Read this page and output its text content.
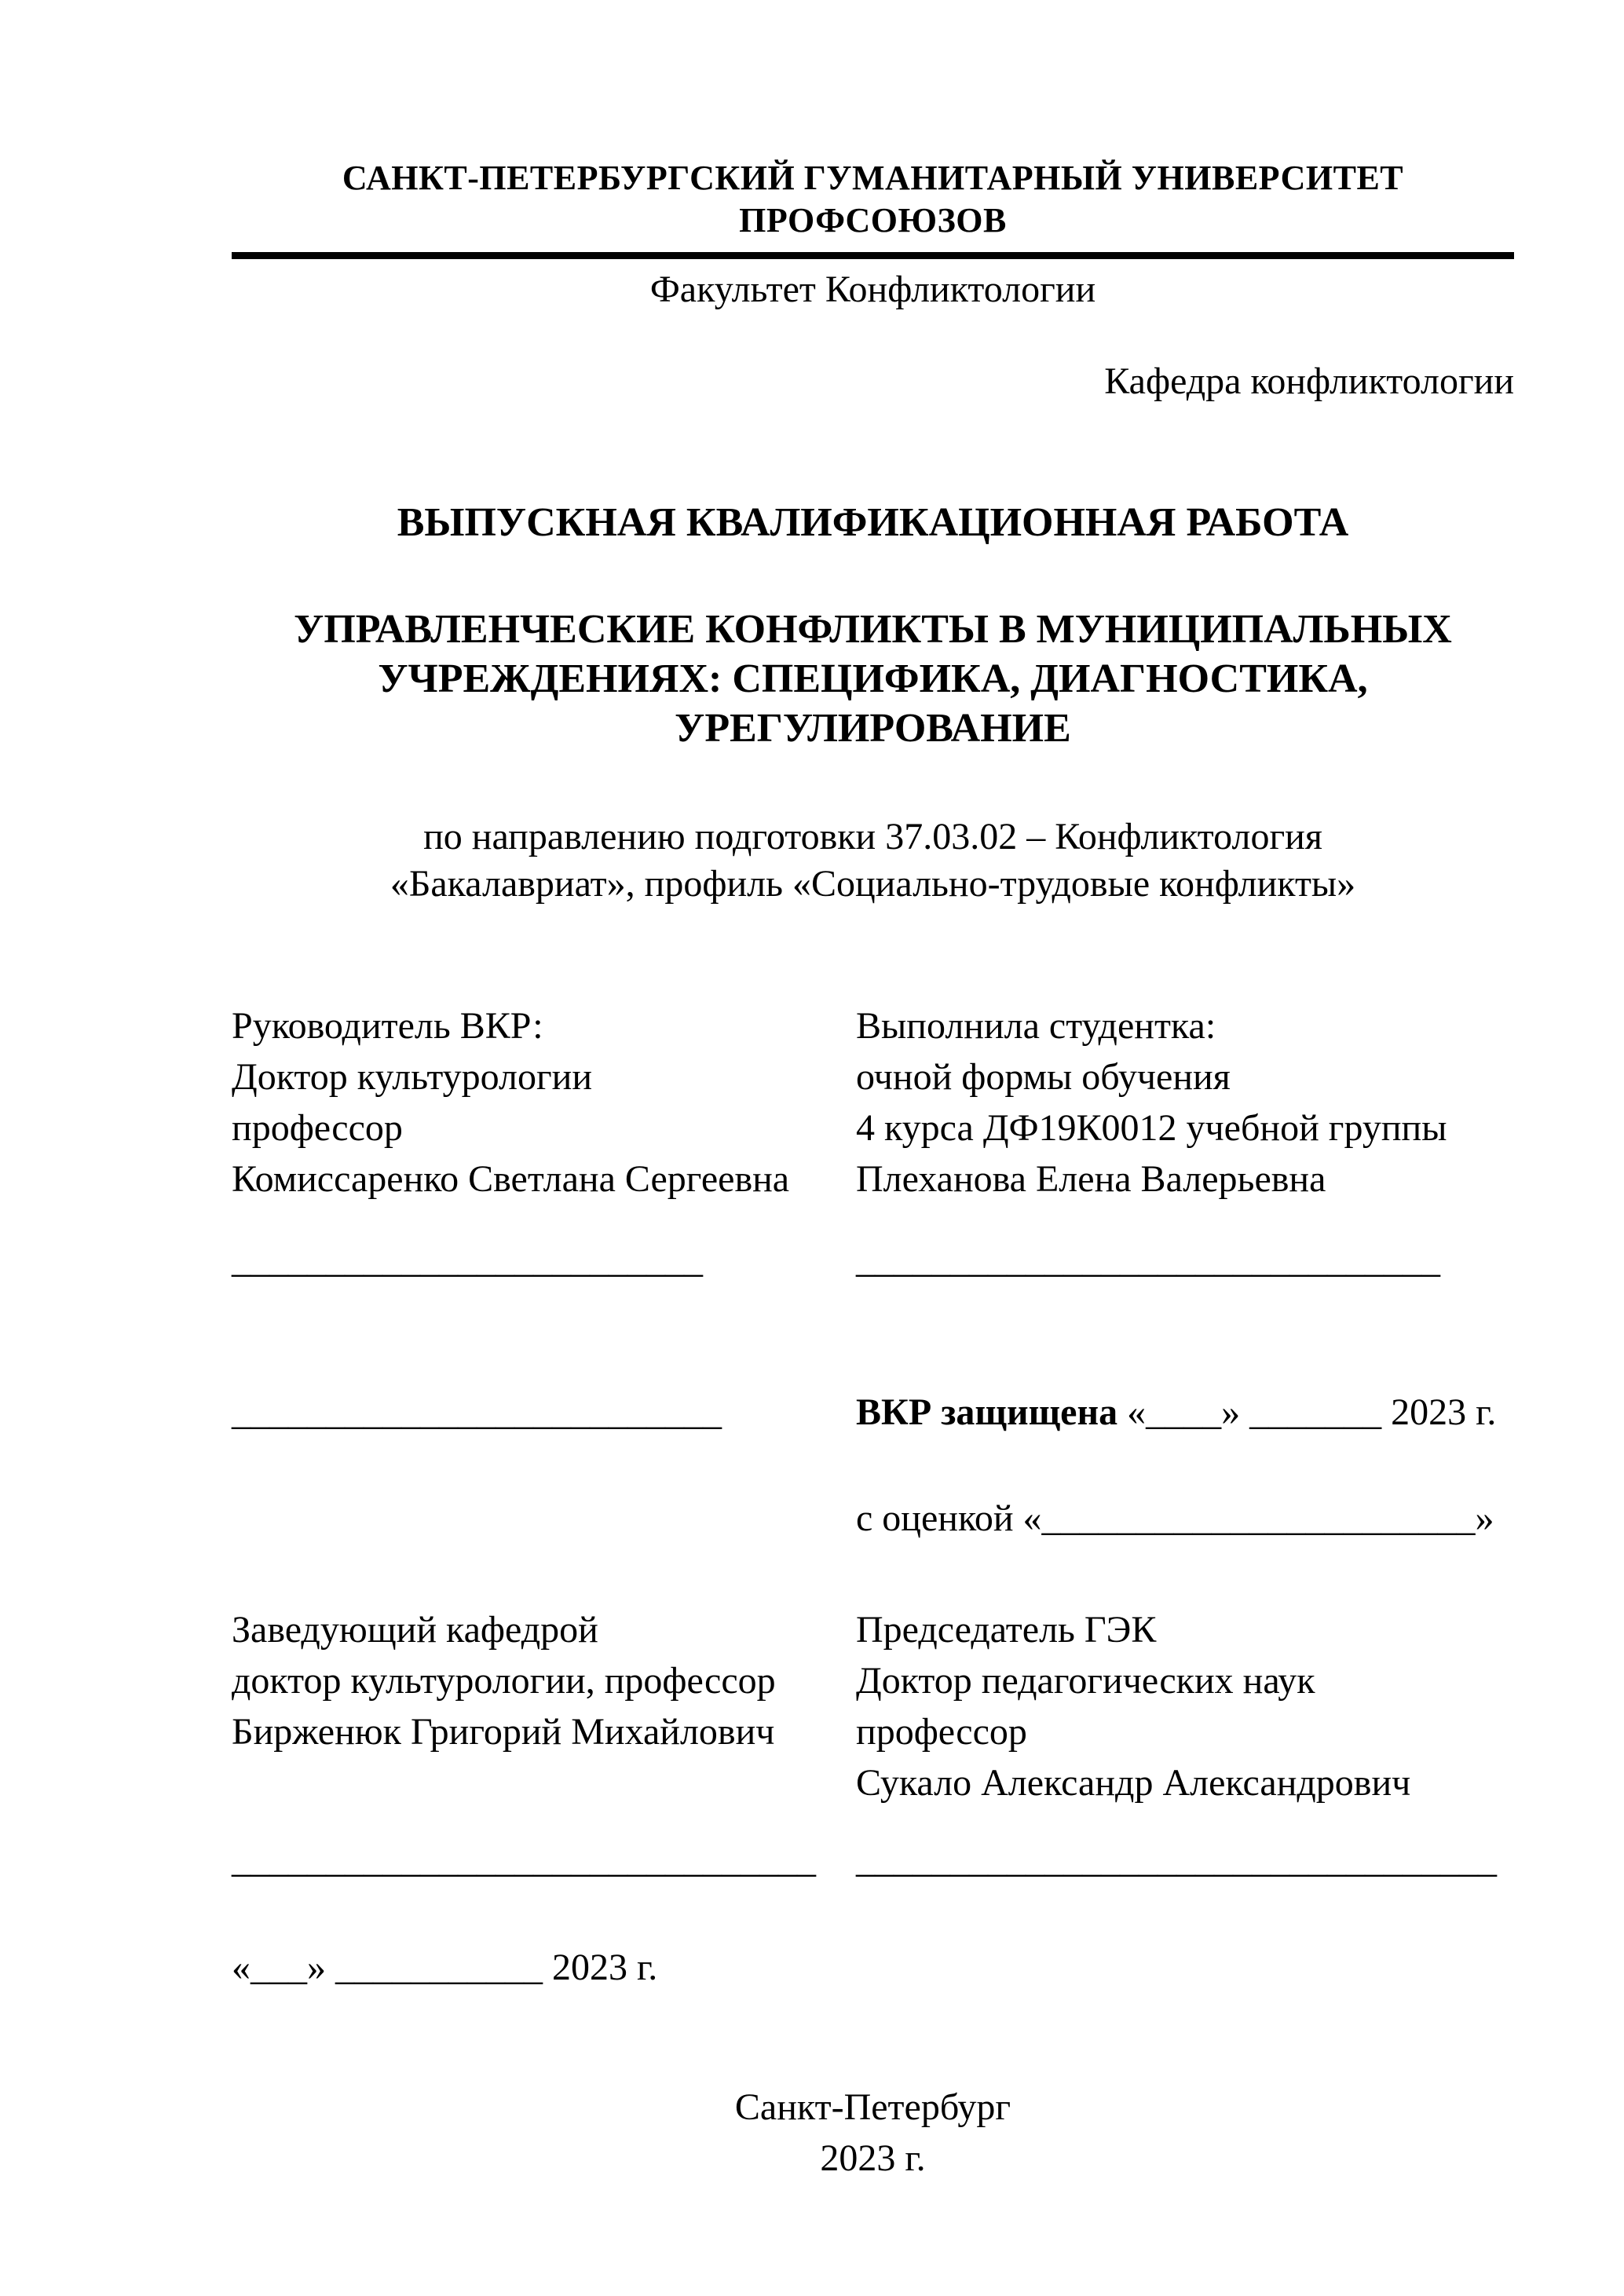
САНКТ-ПЕТЕРБУРГСКИЙ ГУМАНИТАРНЫЙ УНИВЕРСИТЕТ ПРОФСОЮЗОВ
Факультет Конфликтологии
Кафедра конфликтологии
ВЫПУСКНАЯ КВАЛИФИКАЦИОННАЯ РАБОТА
УПРАВЛЕНЧЕСКИЕ КОНФЛИКТЫ В МУНИЦИПАЛЬНЫХ
УЧРЕЖДЕНИЯХ: СПЕЦИФИКА, ДИАГНОСТИКА,
УРЕГУЛИРОВАНИЕ
по направлению подготовки 37.03.02 – Конфликтология
«Бакалавриат», профиль «Социально-трудовые конфликты»
Руководитель ВКР:
Доктор культурологии
профессор
Комиссаренко Светлана Сергеевна
Выполнила студентка:
очной формы обучения
4 курса ДФ19К0012 учебной группы
Плеханова Елена Валерьевна
_________________________	_______________________________
__________________________	ВКР защищена «____» _______ 2023 г.
с оценкой «_______________________»
Заведующий кафедрой
доктор культурологии, профессор
Бирженюк Григорий Михайлович
Председатель ГЭК
Доктор педагогических наук
профессор
Сукало Александр Александрович
_______________________________	__________________________________
«___» ___________ 2023 г.
Санкт-Петербург
2023 г.
